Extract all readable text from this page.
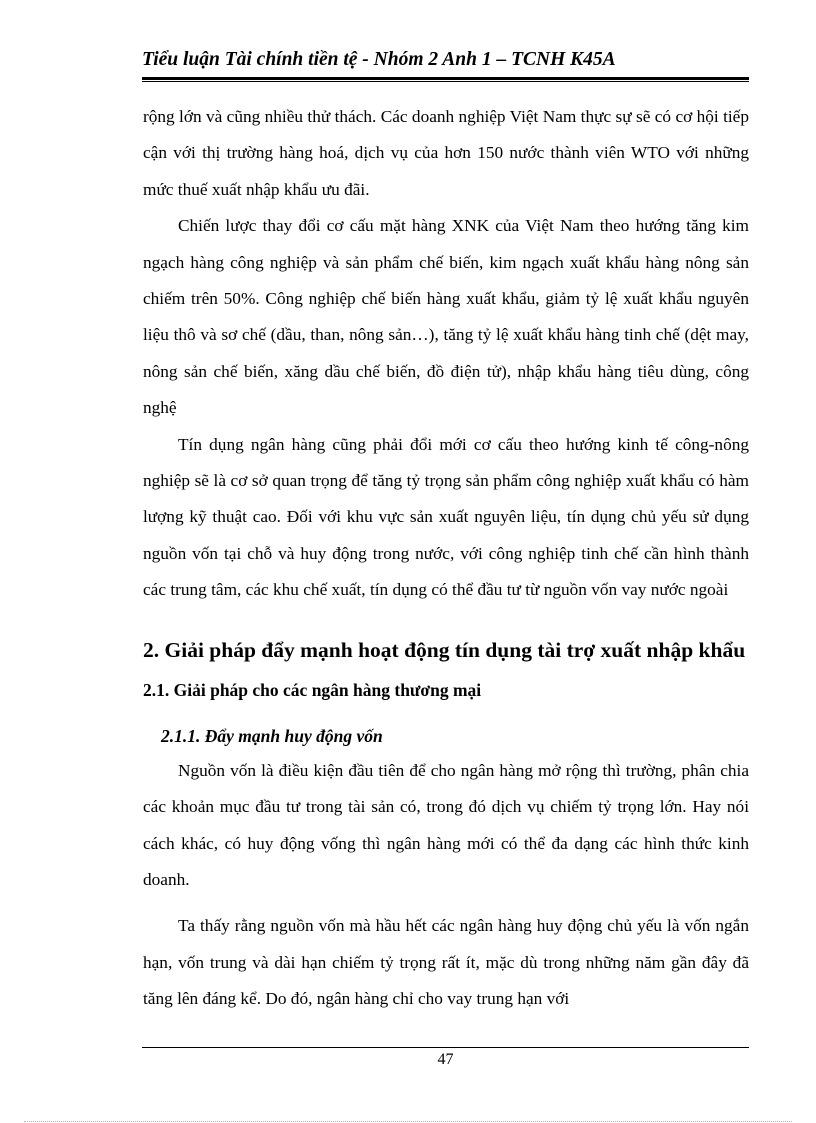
Tiểu luận Tài chính tiền tệ - Nhóm 2 Anh 1 – TCNH K45A

rộng lớn và cũng nhiều thử thách. Các doanh nghiệp Việt Nam thực sự sẽ có cơ hội tiếp cận với thị trường hàng hoá, dịch vụ của hơn 150 nước thành viên WTO với những mức thuế xuất nhập khẩu ưu đãi.

Chiến lược thay đổi cơ cấu mặt hàng XNK của Việt Nam theo hướng tăng kim ngạch hàng công nghiệp và sản phẩm chế biến, kim ngạch xuất khẩu hàng nông sản chiếm trên 50%. Công nghiệp chế biến hàng xuất khẩu, giảm tỷ lệ xuất khẩu nguyên liệu thô và sơ chế (dầu, than, nông sản…), tăng tỷ lệ xuất khẩu hàng tinh chế (dệt may, nông sản chế biến, xăng dầu chế biến, đồ điện tử), nhập khẩu hàng tiêu dùng, công nghệ

Tín dụng ngân hàng cũng phải đổi mới cơ cấu theo hướng kinh tế công-nông nghiệp sẽ là cơ sở quan trọng để tăng tỷ trọng sản phẩm công nghiệp xuất khẩu có hàm lượng kỹ thuật cao. Đối với khu vực sản xuất nguyên liệu, tín dụng chủ yếu sử dụng nguồn vốn tại chỗ và huy động trong nước, với công nghiệp tinh chế cần hình thành các trung tâm, các khu chế xuất, tín dụng có thể đầu tư từ nguồn vốn vay nước ngoài

2. Giải pháp đẩy mạnh hoạt động tín dụng tài trợ xuất nhập khẩu
2.1. Giải pháp cho các ngân hàng thương mại
2.1.1. Đẩy mạnh huy động vốn

Nguồn vốn là điều kiện đầu tiên để cho ngân hàng mở rộng thì trường, phân chia các khoản mục đầu tư trong tài sản có, trong đó dịch vụ chiếm tỷ trọng lớn. Hay nói cách khác, có huy động vống thì ngân hàng mới có thể đa dạng các hình thức kinh doanh.

Ta thấy rằng nguồn vốn mà hầu hết các ngân hàng huy động chủ yếu là vốn ngắn hạn, vốn trung và dài hạn chiếm tỷ trọng rất ít, mặc dù trong những năm gần đây đã tăng lên đáng kể. Do đó, ngân hàng chỉ cho vay trung hạn với

47
